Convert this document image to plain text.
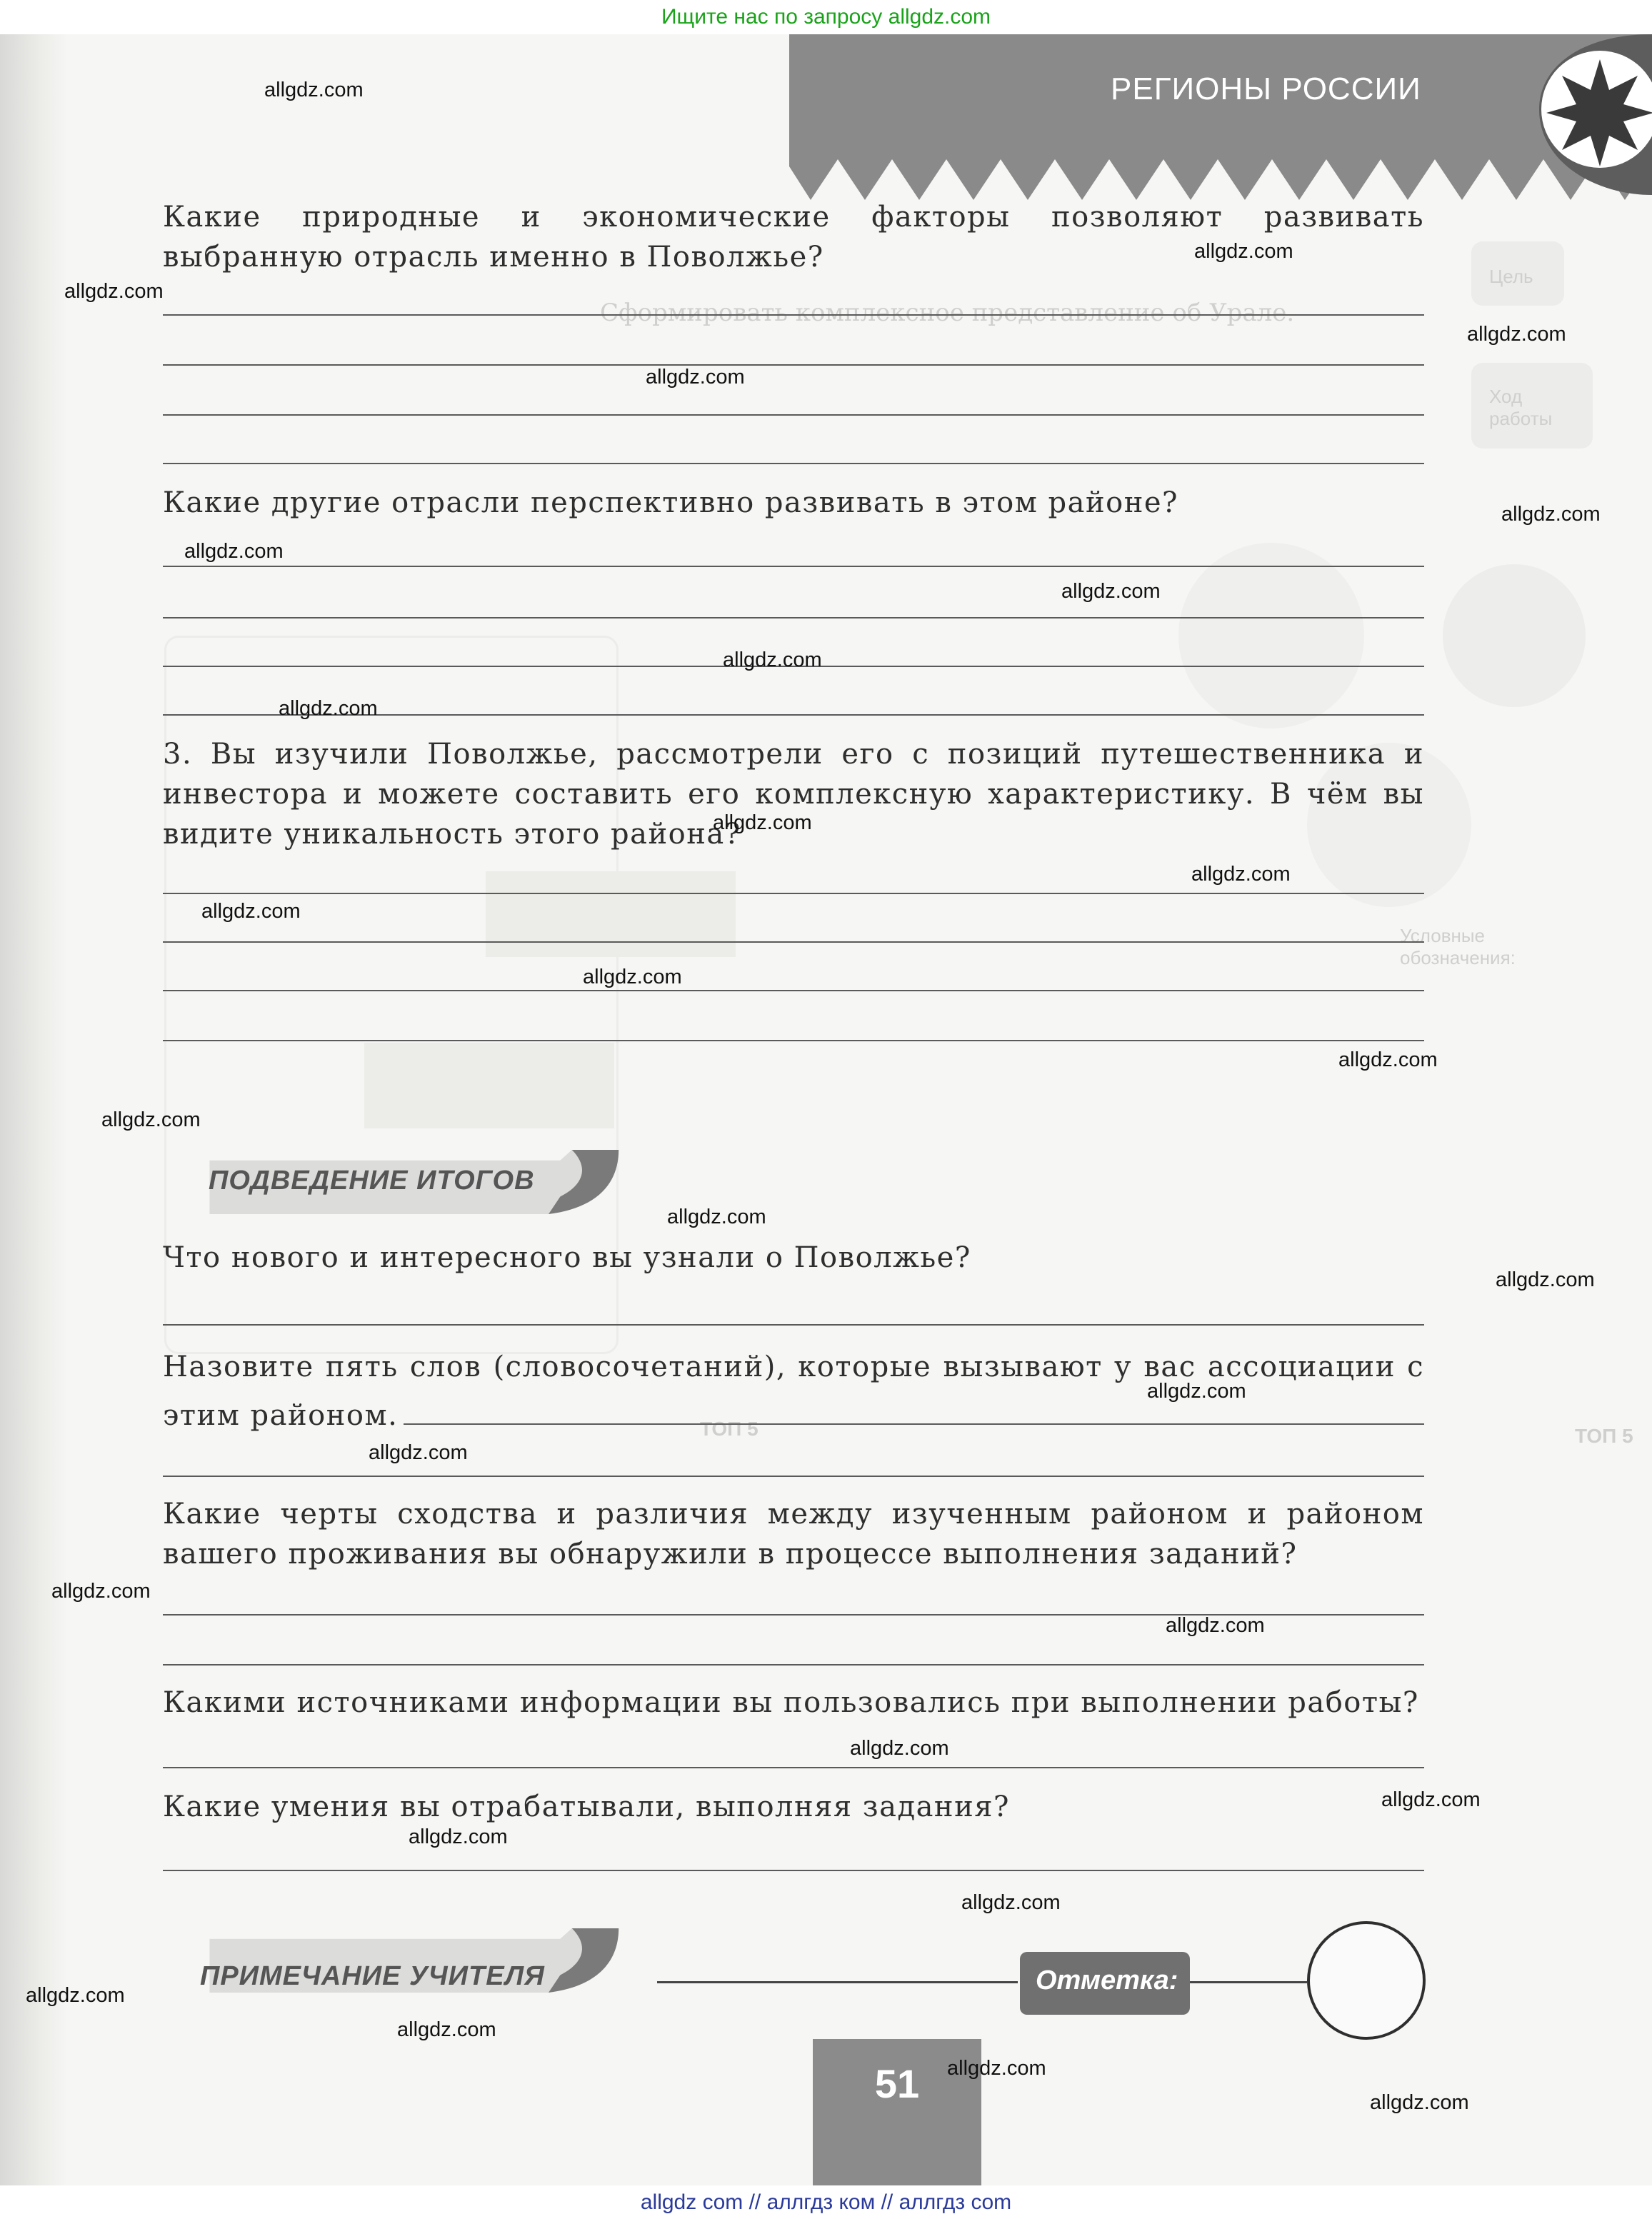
Ищите нас по запросу allgdz.com
allgdz com // аллгдз ком // аллгдз com
РЕГИОНЫ РОССИИ
Цель
Ход работы
Сформировать комплексное представление об Урале.
Условные обозначения:
ТОП 5	ТОП 5
Какие природные и экономические факторы позволяют развивать выбранную отрасль именно в Поволжье?
Какие другие отрасли перспективно развивать в этом районе?
3. Вы изучили Поволжье, рассмотрели его с позиций путешественника и инвестора и можете составить его комплексную характеристику. В чём вы видите уникальность этого района?
ПОДВЕДЕНИЕ ИТОГОВ
Что нового и интересного вы узнали о Поволжье?
Назовите пять слов (словосочетаний), которые вызывают у вас ассоциации с этим районом.
Какие черты сходства и различия между изученным районом и районом вашего проживания вы обнаружили в процессе выполнения заданий?
Какими источниками информации вы пользовались при выполнении работы?
Какие умения вы отрабатывали, выполняя задания?
ПРИМЕЧАНИЕ УЧИТЕЛЯ	Отметка:
51
allgdz.com
allgdz.com
allgdz.com
allgdz.com
allgdz.com
allgdz.com
allgdz.com
allgdz.com
allgdz.com
allgdz.com
allgdz.com
allgdz.com
allgdz.com
allgdz.com
allgdz.com
allgdz.com
allgdz.com
allgdz.com
allgdz.com
allgdz.com
allgdz.com
allgdz.com
allgdz.com
allgdz.com
allgdz.com
allgdz.com
allgdz.com
allgdz.com
allgdz.com
allgdz.com
